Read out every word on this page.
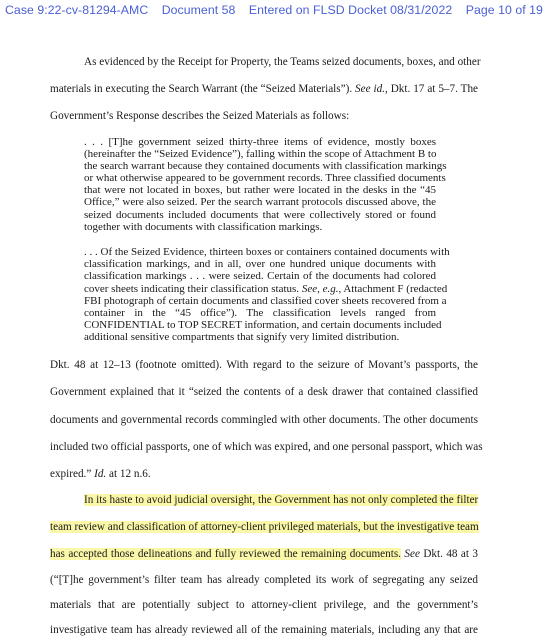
Case 9:22-cv-81294-AMC Document 58 Entered on FLSD Docket 08/31/2022 Page 10 of 19
As evidenced by the Receipt for Property, the Teams seized documents, boxes, and other
materials in executing the Search Warrant (the “Seized Materials”). See id., Dkt. 17 at 5–7. The
Government’s Response describes the Seized Materials as follows:
. . . [T]he government seized thirty-three items of evidence, mostly boxes
(hereinafter the “Seized Evidence”), falling within the scope of Attachment B to
the search warrant because they contained documents with classification markings
or what otherwise appeared to be government records. Three classified documents
that were not located in boxes, but rather were located in the desks in the “45
Office,” were also seized. Per the search warrant protocols discussed above, the
seized documents included documents that were collectively stored or found
together with documents with classification markings.
. . . Of the Seized Evidence, thirteen boxes or containers contained documents with
classification markings, and in all, over one hundred unique documents with
classification markings . . . were seized. Certain of the documents had colored
cover sheets indicating their classification status. See, e.g., Attachment F (redacted
FBI photograph of certain documents and classified cover sheets recovered from a
container in the “45 office”). The classification levels ranged from
CONFIDENTIAL to TOP SECRET information, and certain documents included
additional sensitive compartments that signify very limited distribution.
Dkt. 48 at 12–13 (footnote omitted). With regard to the seizure of Movant’s passports, the
Government explained that it “seized the contents of a desk drawer that contained classified
documents and governmental records commingled with other documents. The other documents
included two official passports, one of which was expired, and one personal passport, which was
expired.” Id. at 12 n.6.
In its haste to avoid judicial oversight, the Government has not only completed the filter
team review and classification of attorney-client privileged materials, but the investigative team
has accepted those delineations and fully reviewed the remaining documents. See Dkt. 48 at 3
(“[T]he government’s filter team has already completed its work of segregating any seized
materials that are potentially subject to attorney-client privilege, and the government’s
investigative team has already reviewed all of the remaining materials, including any that are
